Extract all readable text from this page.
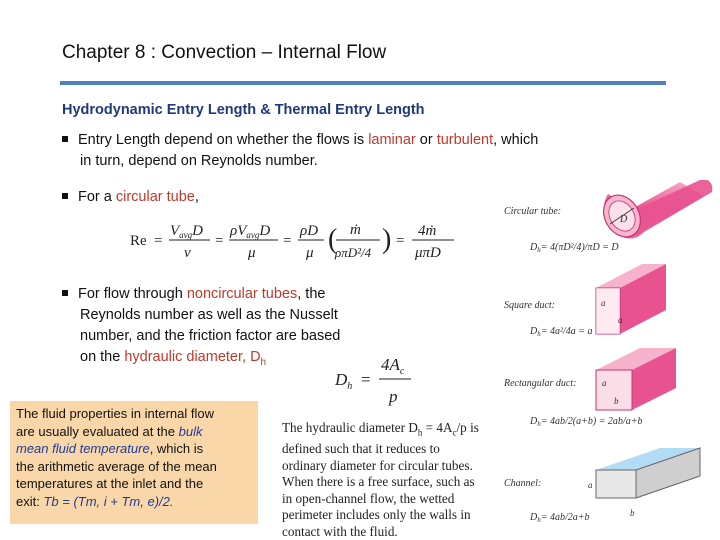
Chapter 8 : Convection – Internal Flow
Hydrodynamic Entry Length & Thermal Entry Length
Entry Length depend on whether the flows is laminar or turbulent, which
in turn, depend on Reynolds number.
For a circular tube,
Re =
$V_{avg}D$
ν
=
$\rho V_{avg}D$
μ
=
ρD
μ ( ṁ
ρπD²/4 ) =
4ṁ
μπD
For flow through noncircular tubes, the
Reynolds number as well as the Nusselt
number, and the friction factor are based
on the hydraulic diameter, $D_h$
$D_h$ =
$4A_c$
p
The fluid properties in internal flow
are usually evaluated at the bulk
mean fluid temperature, which is
the arithmetic average of the mean
temperatures at the inlet and the
exit: Tb = (Tm, i + Tm, e)/2.
The hydraulic diameter $D_h = 4A_c/p$ is
defined such that it reduces to
ordinary diameter for circular tubes.
When there is a free surface, such as
in open-channel flow, the wetted
perimeter includes only the walls in
contact with the fluid.
Circular tube:
D
$D_h= 4(\pi D^2/4)/\pi D = D$
Square duct:	a
a
$D_h= 4a^2/4a = a$
Rectangular duct:	a
b
$D_h= 4ab/2(a+b) = 2ab/a+b$
Channel:	a
b
$D_h= 4ab/2a+b$
